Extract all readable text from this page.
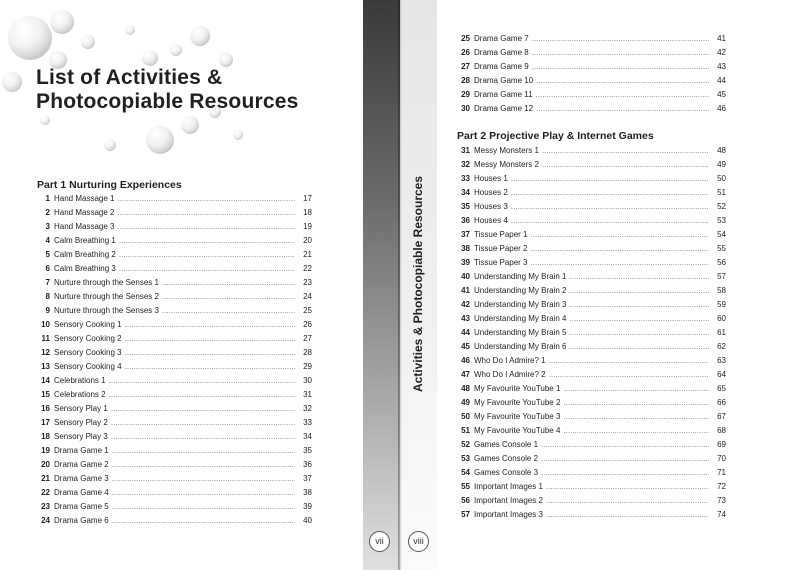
List of Activities &
Photocopiable Resources
Part 1 Nurturing Experiences
1 Hand Massage 1 .....	17
2 Hand Massage 2 .....	18
3 Hand Massage 3 .....	19
4 Calm Breathing 1 .....	20
5 Calm Breathing 2 .....	21
6 Calm Breathing 3 .....	22
7 Nurture through the Senses 1 .....	23
8 Nurture through the Senses 2 .....	24
9 Nurture through the Senses 3 .....	25
10 Sensory Cooking 1 .....	26
11 Sensory Cooking 2 .....	27
12 Sensory Cooking 3 .....	28
13 Sensory Cooking 4 .....	29
14 Celebrations 1 .....	30
15 Celebrations 2 .....	31
16 Sensory Play 1 .....	32
17 Sensory Play 2 .....	33
18 Sensory Play 3 .....	34
19 Drama Game 1 .....	35
20 Drama Game 2 .....	36
21 Drama Game 3 .....	37
22 Drama Game 4 .....	38
23 Drama Game 5 .....	39
24 Drama Game 6 .....	40
Activities & Photocopiable Resources
vii	viii
25 Drama Game 7 .....	41
26 Drama Game 8 .....	42
27 Drama Game 9 .....	43
28 Drama Game 10 .....	44
29 Drama Game 11 .....	45
30 Drama Game 12 .....	46
Part 2 Projective Play & Internet Games
31 Messy Monsters 1 .....	48
32 Messy Monsters 2 .....	49
33 Houses 1 .....	50
34 Houses 2 .....	51
35 Houses 3 .....	52
36 Houses 4 .....	53
37 Tissue Paper 1 .....	54
38 Tissue Paper 2 .....	55
39 Tissue Paper 3 .....	56
40 Understanding My Brain 1 .....	57
41 Understanding My Brain 2 .....	58
42 Understanding My Brain 3 .....	59
43 Understanding My Brain 4 .....	60
44 Understanding My Brain 5 .....	61
45 Understanding My Brain 6 .....	62
46 Who Do I Admire? 1 .....	63
47 Who Do I Admire? 2 .....	64
48 My Favourite YouTube 1 .....	65
49 My Favourite YouTube 2 .....	66
50 My Favourite YouTube 3 .....	67
51 My Favourite YouTube 4 .....	68
52 Games Console 1 .....	69
53 Games Console 2 .....	70
54 Games Console 3 .....	71
55 Important Images 1 .....	72
56 Important Images 2 .....	73
57 Important Images 3 .....	74
